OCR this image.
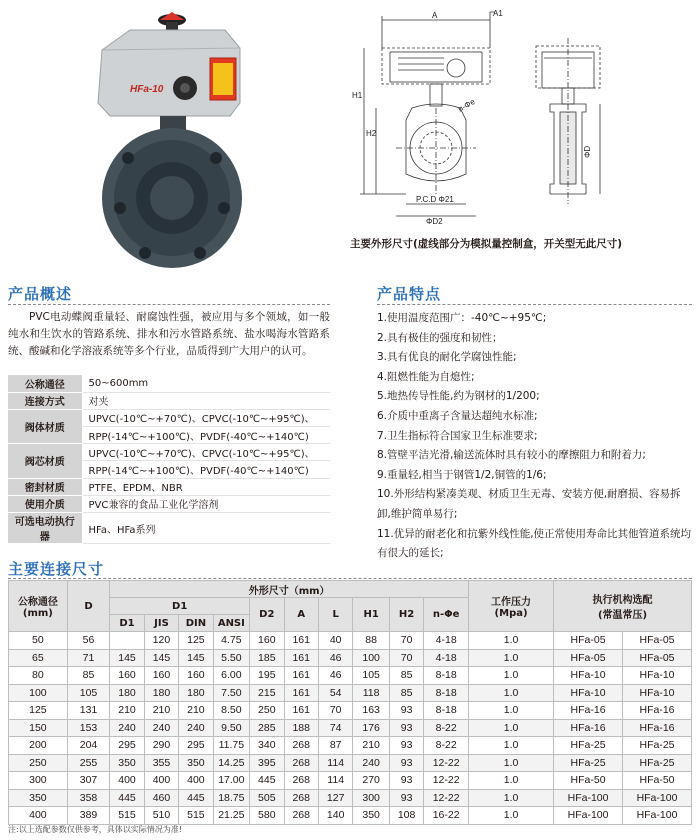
HFa-10
A	A1
H1
H2
n-Φe
ΦD
P.C.D Φ21
ΦD2
主要外形尺寸(虚线部分为模拟量控制盒，开关型无此尺寸)
产品概述

PVC电动蝶阀重量轻、耐腐蚀性强，被应用与多个领域，如一般纯水和生饮水的管路系统、排水和污水管路系统、盐水喝海水管路系统、酸碱和化学溶液系统等多个行业，品质得到广大用户的认可。

公称通径	50~600mm
连接方式	对夹
阀体材质	UPVC(-10℃~+70℃)、CPVC(-10℃~+95℃)、
	RPP(-14℃~+100℃)、PVDF(-40℃~+140℃)
阀芯材质	UPVC(-10℃~+70℃)、CPVC(-10℃~+95℃)、
	RPP(-14℃~+100℃)、PVDF(-40℃~+140℃)
密封材质	PTFE、EPDM、NBR
使用介质	PVC兼容的食品工业化学溶剂
可选电动执行器	HFa、HFa系列
产品特点
1.使用温度范围广：-40℃~+95℃;
2.具有极佳的强度和韧性；
3.具有优良的耐化学腐蚀性能;
4.阻燃性能为自熄性;
5.地热传导性能,约为钢材的1/200;
6.介质中重离子含量达超纯水标准;
7.卫生指标符合国家卫生标准要求;
8.管壁平洁光滑,输送流体时具有较小的摩擦阻力和附着力;
9.重量轻,相当于钢管1/2,铜管的1/6;
10.外形结构紧凑美观、材质卫生无毒、安装方便,耐磨损、容易拆卸,维护简单易行;
11.优异的耐老化和抗紫外线性能,使正常使用寿命比其他管道系统均有很大的延长;
主要连接尺寸
公称通径
(mm)	D	外形尺寸（mm）										工作压力
(Mpa)	执行机构选配
(常温常压)	
		D1				D2	A	L	H1	H2	n-Φe			
		D1	JIS	DIN	ANSI									
50	56		120	125	4.75	160	161	40	88	70	4-18	1.0	HFa-05	HFa-05
65	71	145	145	145	5.50	185	161	46	100	70	4-18	1.0	HFa-05	HFa-05
80	85	160	160	160	6.00	195	161	46	105	85	8-18	1.0	HFa-10	HFa-10
100	105	180	180	180	7.50	215	161	54	118	85	8-18	1.0	HFa-10	HFa-10
125	131	210	210	210	8.50	250	161	70	163	93	8-18	1.0	HFa-16	HFa-16
150	153	240	240	240	9.50	285	188	74	176	93	8-22	1.0	HFa-16	HFa-16
200	204	295	290	295	11.75	340	268	87	210	93	8-22	1.0	HFa-25	HFa-25
250	255	350	355	350	14.25	395	268	114	240	93	12-22	1.0	HFa-25	HFa-25
300	307	400	400	400	17.00	445	268	114	270	93	12-22	1.0	HFa-50	HFa-50
350	358	445	460	445	18.75	505	268	127	300	93	12-22	1.0	HFa-100	HFa-100
400	389	515	510	515	21.25	580	268	140	350	108	16-22	1.0	HFa-100	HFa-100
注:以上选配参数仅供参考，具体以实际情况为准!
